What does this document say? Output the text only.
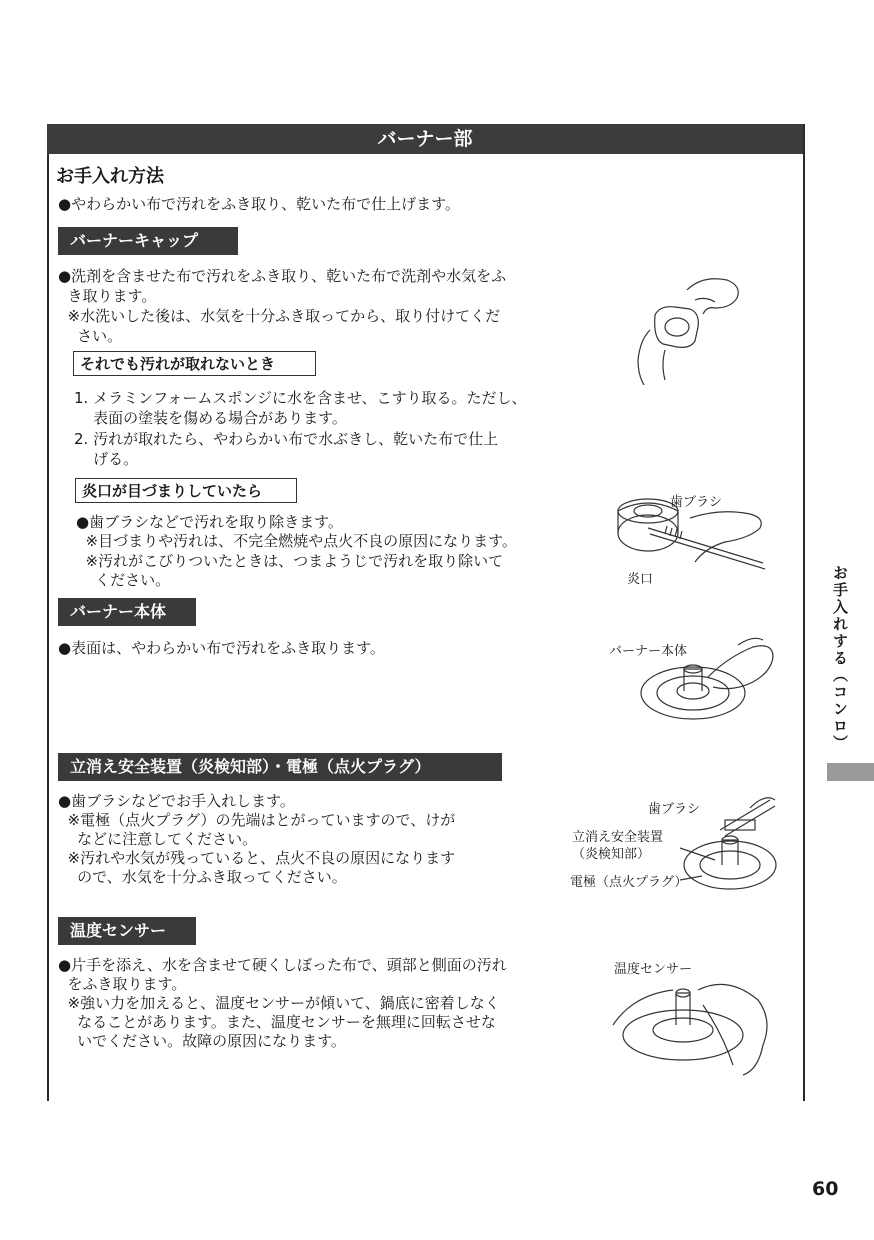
バーナー部
お手入れ方法
●やわらかい布で汚れをふき取り、乾いた布で仕上げます。
バーナーキャップ
●洗剤を含ませた布で汚れをふき取り、乾いた布で洗剤や水気をふ
き取ります。
※水洗いした後は、水気を十分ふき取ってから、取り付けてくだ
さい。
それでも汚れが取れないとき
1. メラミンフォームスポンジに水を含ませ、こすり取る。ただし、
表面の塗装を傷める場合があります。
2. 汚れが取れたら、やわらかい布で水ぶきし、乾いた布で仕上
げる。
炎口が目づまりしていたら
●歯ブラシなどで汚れを取り除きます。
※目づまりや汚れは、不完全燃焼や点火不良の原因になります。
※汚れがこびりついたときは、つまようじで汚れを取り除いて
ください。
歯ブラシ
炎口
バーナー本体
●表面は、やわらかい布で汚れをふき取ります。	バーナー本体
立消え安全装置（炎検知部）・電極（点火プラグ）
●歯ブラシなどでお手入れします。
※電極（点火プラグ）の先端はとがっていますので、けが
などに注意してください。
※汚れや水気が残っていると、点火不良の原因になります
ので、水気を十分ふき取ってください。
歯ブラシ
立消え安全装置
（炎検知部）
電極（点火プラグ）
温度センサー
●片手を添え、水を含ませて硬くしぼった布で、頭部と側面の汚れ
をふき取ります。
※強い力を加えると、温度センサーが傾いて、鍋底に密着しなく
なることがあります。また、温度センサーを無理に回転させな
いでください。故障の原因になります。
温度センサー
お手入れする（コンロ）
60
